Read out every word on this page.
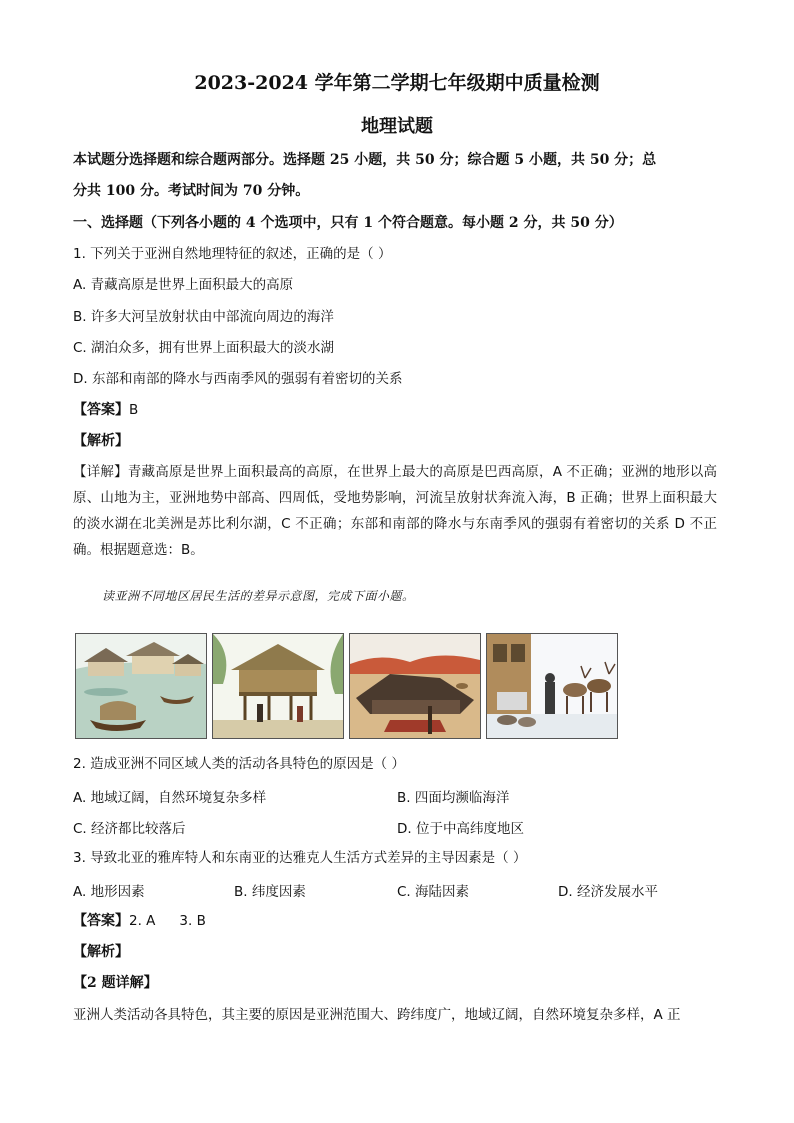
2023-2024 学年第二学期七年级期中质量检测
地理试题
本试题分选择题和综合题两部分。选择题 25 小题，共 50 分；综合题 5 小题，共 50 分；总
分共 100 分。考试时间为 70 分钟。
一、选择题（下列各小题的 4 个选项中，只有 1 个符合题意。每小题 2 分，共 50 分）
1. 下列关于亚洲自然地理特征的叙述，正确的是（ ）
A. 青藏高原是世界上面积最大的高原
B. 许多大河呈放射状由中部流向周边的海洋
C. 湖泊众多，拥有世界上面积最大的淡水湖
D. 东部和南部的降水与西南季风的强弱有着密切的关系
【答案】B
【解析】
【详解】青藏高原是世界上面积最高的高原，在世界上最大的高原是巴西高原，A 不正确；亚洲的地形以高原、山地为主，亚洲地势中部高、四周低，受地势影响，河流呈放射状奔流入海，B 正确；世界上面积最大的淡水湖在北美洲是苏比利尔湖，C 不正确；东部和南部的降水与东南季风的强弱有着密切的关系 D 不正确。根据题意选：B。
读亚洲不同地区居民生活的差异示意图，完成下面小题。
2. 造成亚洲不同区域人类的活动各具特色的原因是（ ）
A. 地域辽阔，自然环境复杂多样	B. 四面均濒临海洋
C. 经济都比较落后	D. 位于中高纬度地区
3. 导致北亚的雅库特人和东南亚的达雅克人生活方式差异的主导因素是（ ）
A. 地形因素	B. 纬度因素	C. 海陆因素	D. 经济发展水平
【答案】2. A 3. B
【解析】
【2 题详解】
亚洲人类活动各具特色，其主要的原因是亚洲范围大、跨纬度广，地域辽阔，自然环境复杂多样，A 正
